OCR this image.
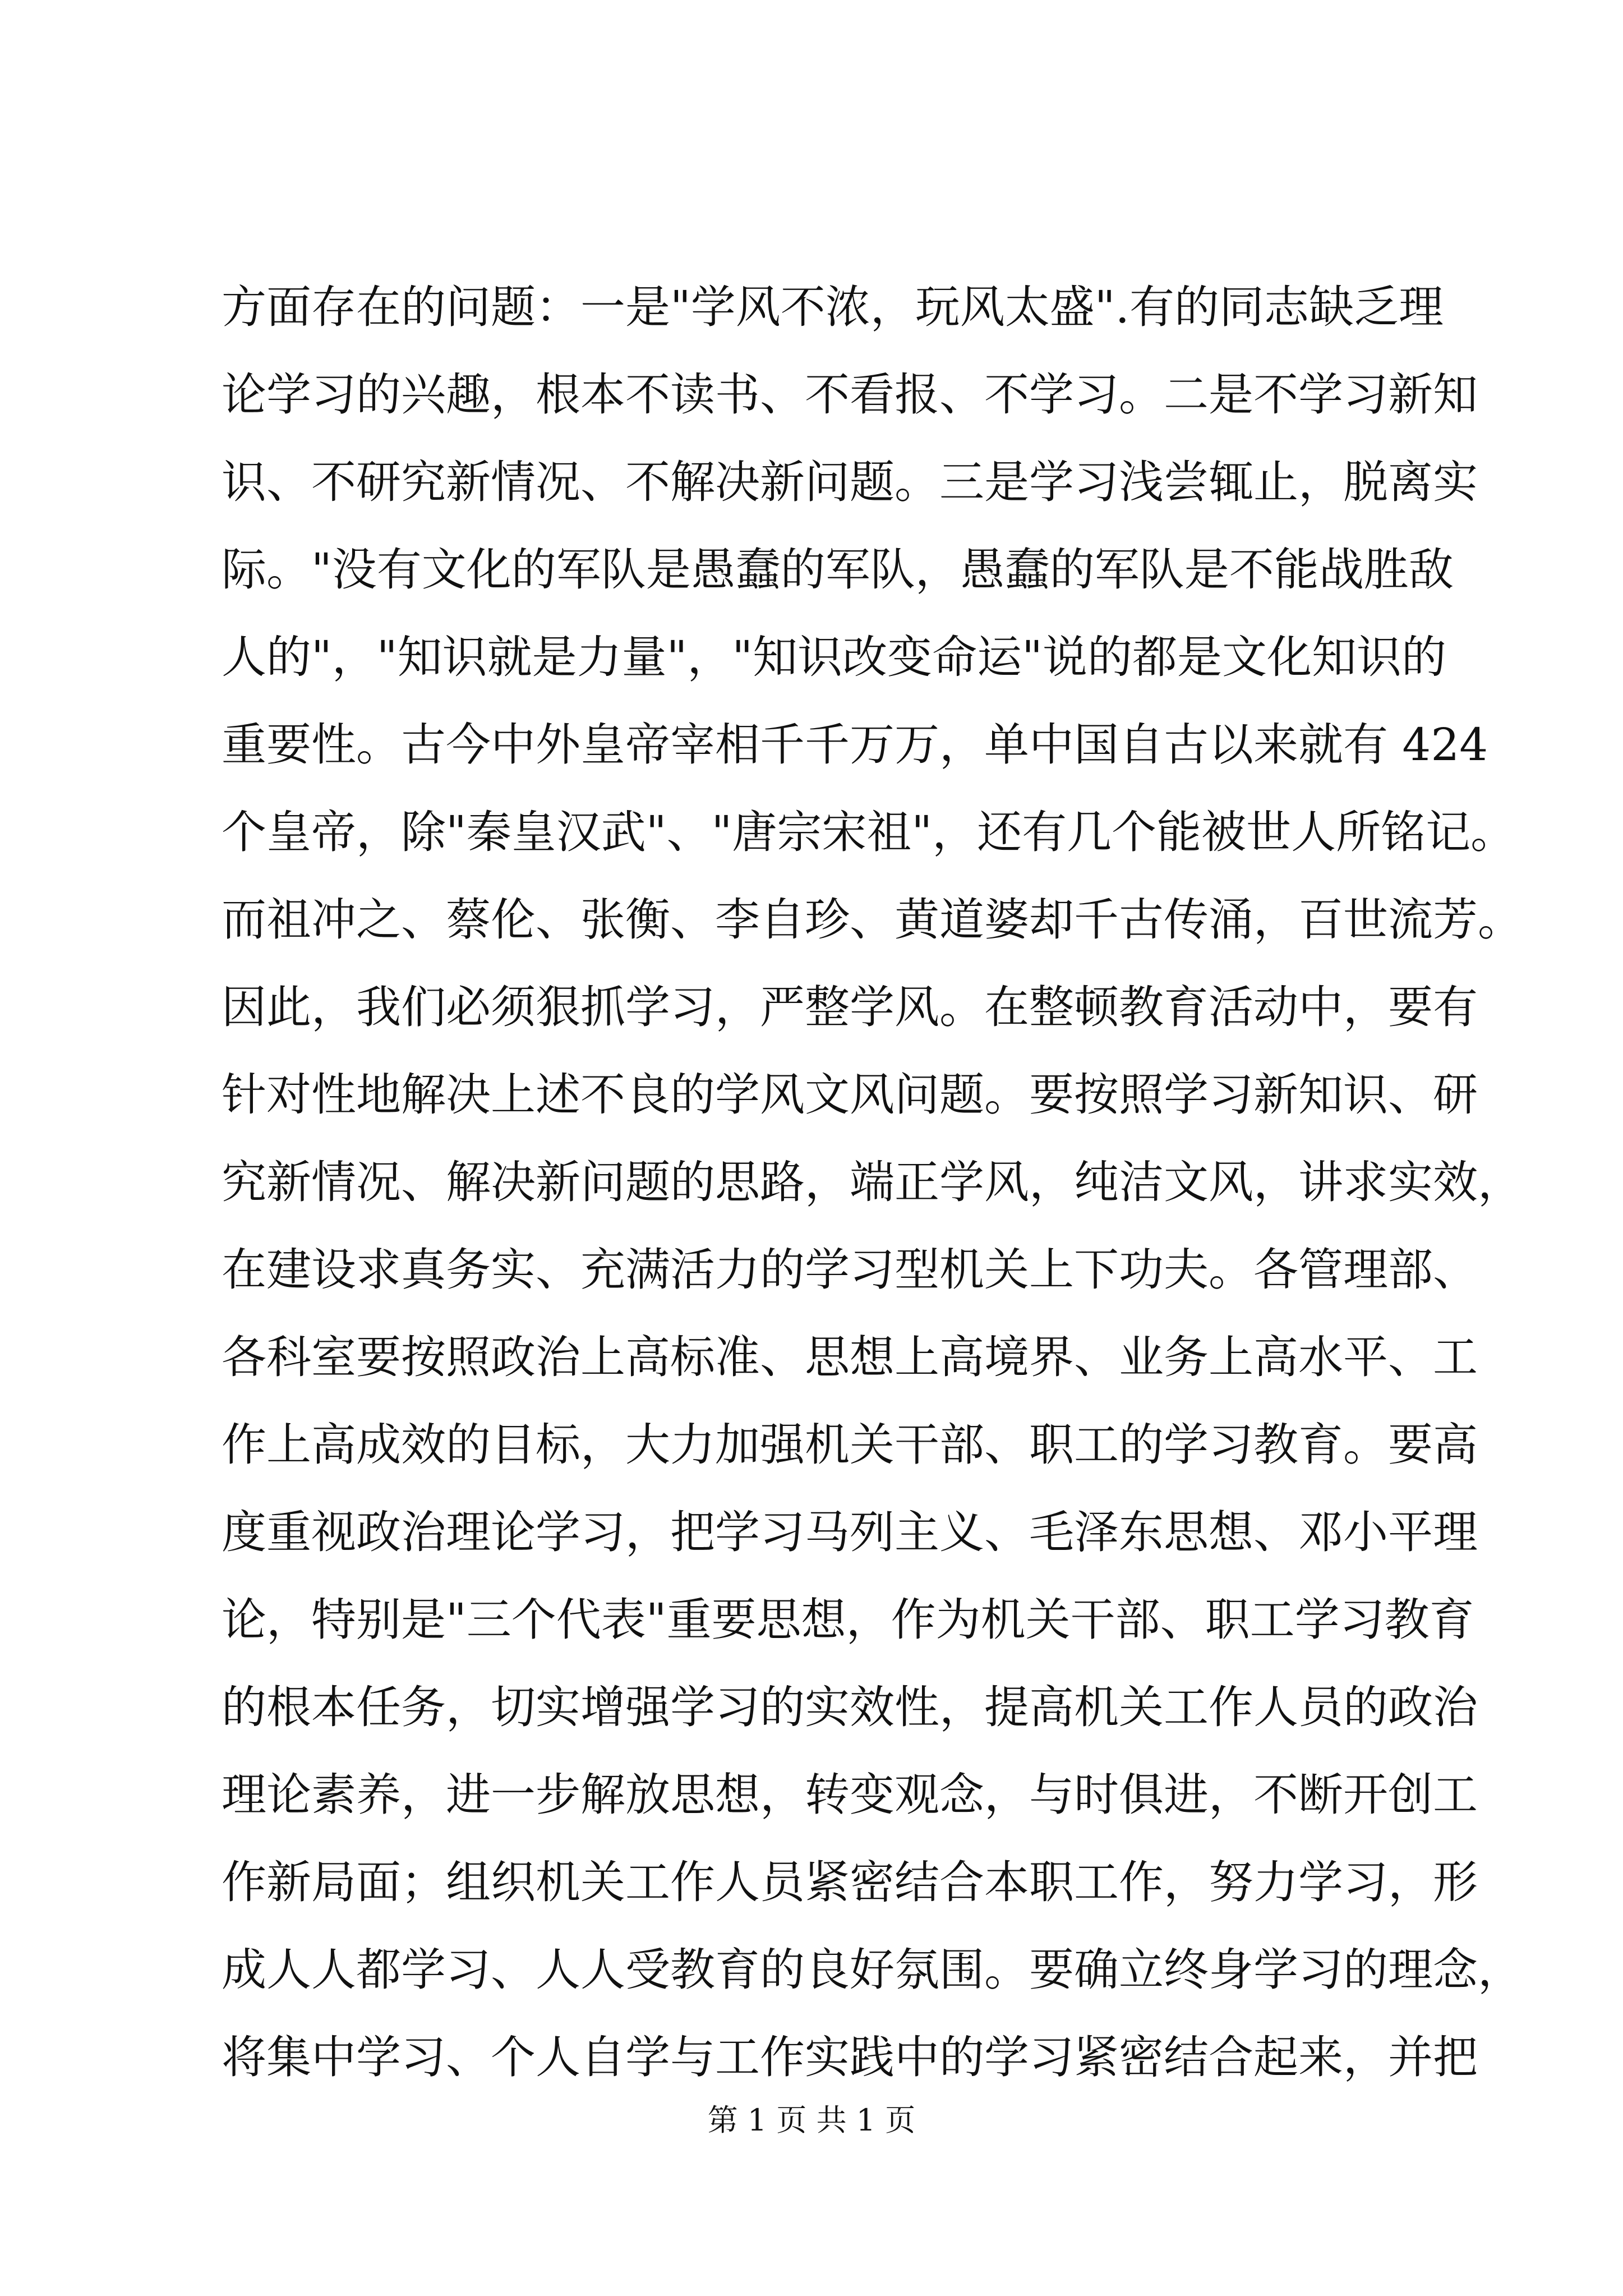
方面存在的问题：一是"学风不浓，玩风太盛".有的同志缺乏理
论学习的兴趣，根本不读书、不看报、不学习。二是不学习新知
识、不研究新情况、不解决新问题。三是学习浅尝辄止，脱离实
际。"没有文化的军队是愚蠢的军队，愚蠢的军队是不能战胜敌
人的"，"知识就是力量"，"知识改变命运"说的都是文化知识的
重要性。古今中外皇帝宰相千千万万，单中国自古以来就有 424
个皇帝，除"秦皇汉武"、"唐宗宋祖"，还有几个能被世人所铭记。
而祖冲之、蔡伦、张衡、李自珍、黄道婆却千古传涌，百世流芳。
因此，我们必须狠抓学习，严整学风。在整顿教育活动中，要有
针对性地解决上述不良的学风文风问题。要按照学习新知识、研
究新情况、解决新问题的思路，端正学风，纯洁文风，讲求实效，
在建设求真务实、充满活力的学习型机关上下功夫。各管理部、
各科室要按照政治上高标准、思想上高境界、业务上高水平、工
作上高成效的目标，大力加强机关干部、职工的学习教育。要高
度重视政治理论学习，把学习马列主义、毛泽东思想、邓小平理
论，特别是"三个代表"重要思想，作为机关干部、职工学习教育
的根本任务，切实增强学习的实效性，提高机关工作人员的政治
理论素养，进一步解放思想，转变观念，与时俱进，不断开创工
作新局面；组织机关工作人员紧密结合本职工作，努力学习，形
成人人都学习、人人受教育的良好氛围。要确立终身学习的理念，
将集中学习、个人自学与工作实践中的学习紧密结合起来，并把
第 1 页 共 1 页
